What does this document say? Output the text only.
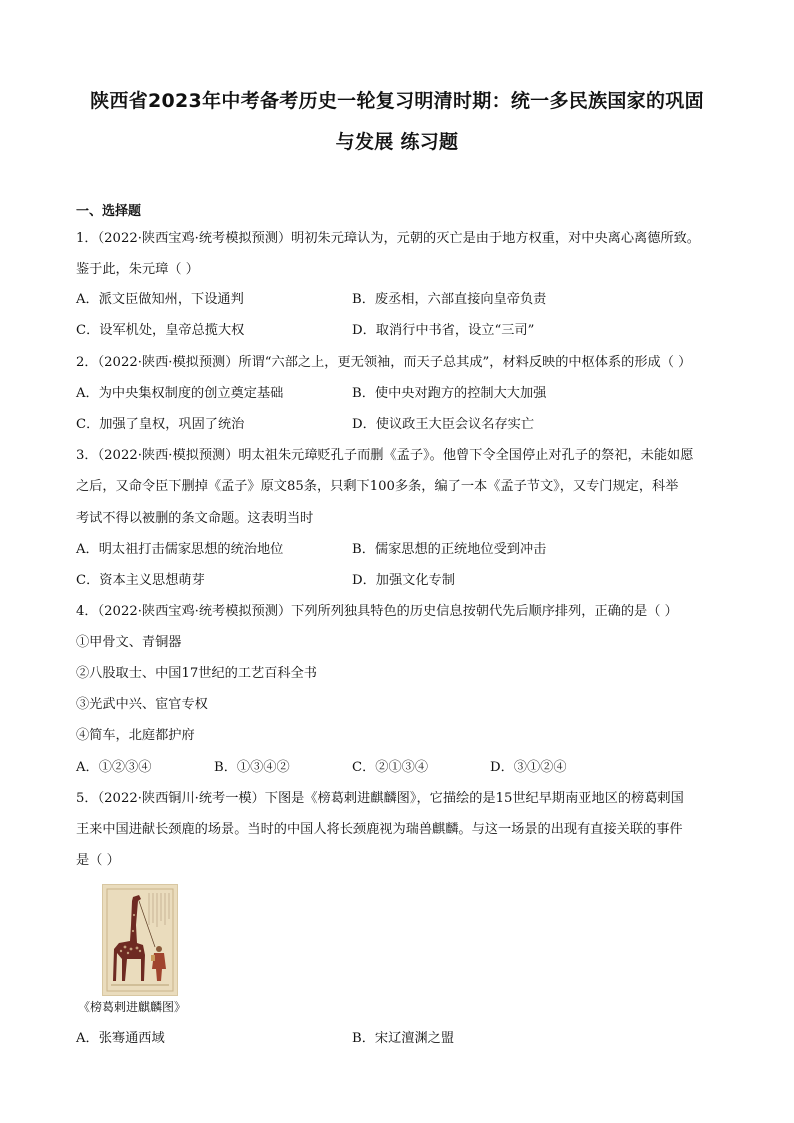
陕西省2023年中考备考历史一轮复习明清时期：统一多民族国家的巩固
与发展 练习题
一、选择题
1．（2022·陕西宝鸡·统考模拟预测）明初朱元璋认为，元朝的灭亡是由于地方权重，对中央离心离德所致。
鉴于此，朱元璋（ ）
A．派文臣做知州，下设通判	B．废丞相，六部直接向皇帝负责
C．设军机处，皇帝总揽大权	D．取消行中书省，设立“三司”
2．（2022·陕西·模拟预测）所谓“六部之上，更无领袖，而天子总其成”，材料反映的中枢体系的形成（ ）
A．为中央集权制度的创立奠定基础	B．使中央对跑方的控制大大加强
C．加强了皇权，巩固了统治	D．使议政王大臣会议名存实亡
3．（2022·陕西·模拟预测）明太祖朱元璋贬孔子而删《孟子》。他曾下令全国停止对孔子的祭祀，未能如愿
之后，又命令臣下删掉《孟子》原文85条，只剩下100多条，编了一本《孟子节文》，又专门规定，科举
考试不得以被删的条文命题。这表明当时
A．明太祖打击儒家思想的统治地位	B．儒家思想的正统地位受到冲击
C．资本主义思想萌芽	D．加强文化专制
4．（2022·陕西宝鸡·统考模拟预测）下列所列独具特色的历史信息按朝代先后顺序排列，正确的是（ ）
①甲骨文、青铜器
②八股取士、中国17世纪的工艺百科全书
③光武中兴、宦官专权
④简车，北庭都护府
A．①②③④	B．①③④②	C．②①③④	D．③①②④
5．（2022·陕西铜川·统考一模）下图是《榜葛剌进麒麟图》，它描绘的是15世纪早期南亚地区的榜葛剌国
王来中国进献长颈鹿的场景。当时的中国人将长颈鹿视为瑞兽麒麟。与这一场景的出现有直接关联的事件
是（ ）
《榜葛剌进麒麟图》
A．张骞通西域	B．宋辽澶渊之盟
